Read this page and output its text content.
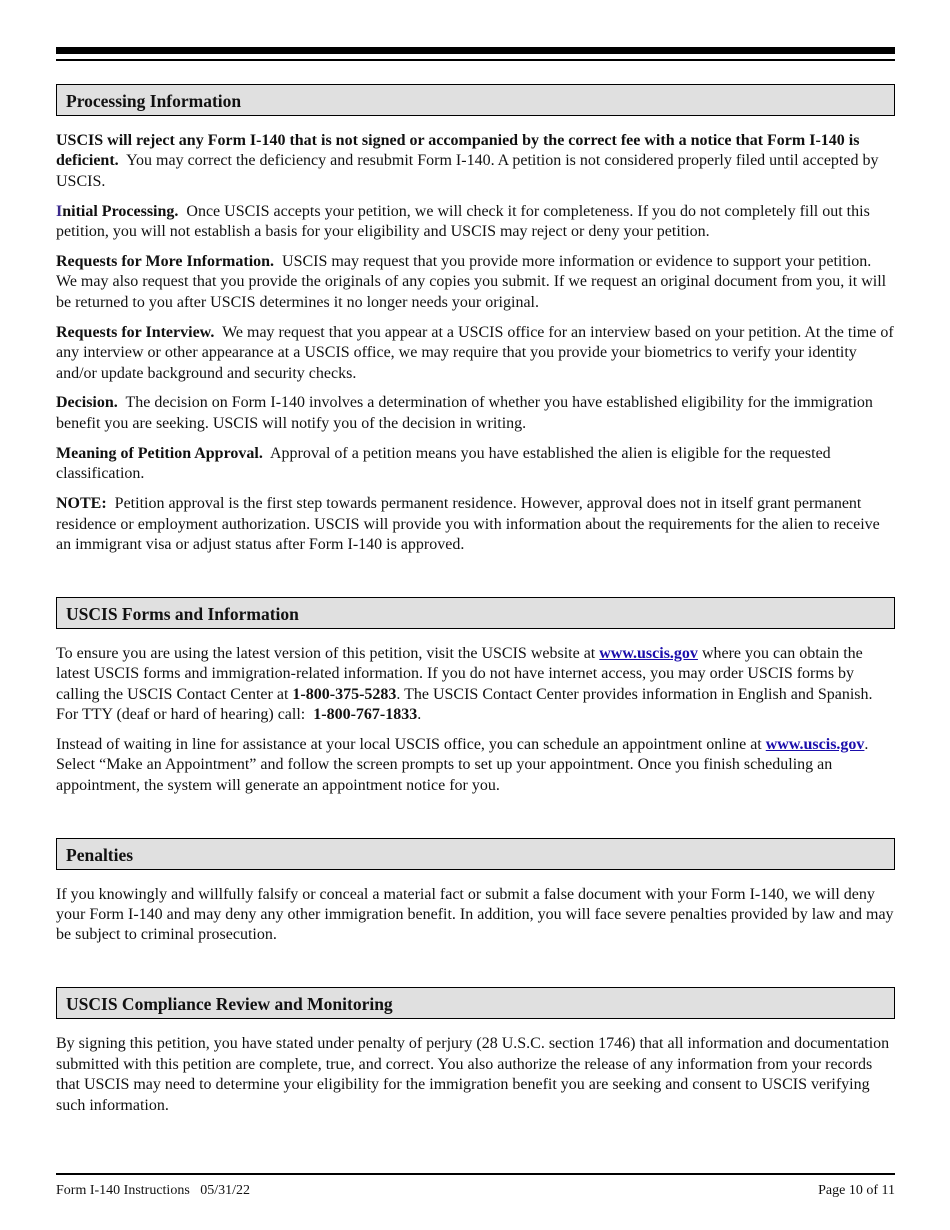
Processing Information

USCIS will reject any Form I-140 that is not signed or accompanied by the correct fee with a notice that Form I-140 is deficient. You may correct the deficiency and resubmit Form I-140. A petition is not considered properly filed until accepted by USCIS.

Initial Processing. Once USCIS accepts your petition, we will check it for completeness. If you do not completely fill out this petition, you will not establish a basis for your eligibility and USCIS may reject or deny your petition.

Requests for More Information. USCIS may request that you provide more information or evidence to support your petition. We may also request that you provide the originals of any copies you submit. If we request an original document from you, it will be returned to you after USCIS determines it no longer needs your original.

Requests for Interview. We may request that you appear at a USCIS office for an interview based on your petition. At the time of any interview or other appearance at a USCIS office, we may require that you provide your biometrics to verify your identity and/or update background and security checks.

Decision. The decision on Form I-140 involves a determination of whether you have established eligibility for the immigration benefit you are seeking. USCIS will notify you of the decision in writing.

Meaning of Petition Approval. Approval of a petition means you have established the alien is eligible for the requested classification.

NOTE: Petition approval is the first step towards permanent residence. However, approval does not in itself grant permanent residence or employment authorization. USCIS will provide you with information about the requirements for the alien to receive an immigrant visa or adjust status after Form I-140 is approved.

USCIS Forms and Information

To ensure you are using the latest version of this petition, visit the USCIS website at www.uscis.gov where you can obtain the latest USCIS forms and immigration-related information. If you do not have internet access, you may order USCIS forms by calling the USCIS Contact Center at 1-800-375-5283. The USCIS Contact Center provides information in English and Spanish. For TTY (deaf or hard of hearing) call: 1-800-767-1833.

Instead of waiting in line for assistance at your local USCIS office, you can schedule an appointment online at www.uscis.gov. Select “Make an Appointment” and follow the screen prompts to set up your appointment. Once you finish scheduling an appointment, the system will generate an appointment notice for you.

Penalties

If you knowingly and willfully falsify or conceal a material fact or submit a false document with your Form I-140, we will deny your Form I-140 and may deny any other immigration benefit. In addition, you will face severe penalties provided by law and may be subject to criminal prosecution.

USCIS Compliance Review and Monitoring

By signing this petition, you have stated under penalty of perjury (28 U.S.C. section 1746) that all information and documentation submitted with this petition are complete, true, and correct. You also authorize the release of any information from your records that USCIS may need to determine your eligibility for the immigration benefit you are seeking and consent to USCIS verifying such information.

Form I-140 Instructions   05/31/22	Page 10 of 11
